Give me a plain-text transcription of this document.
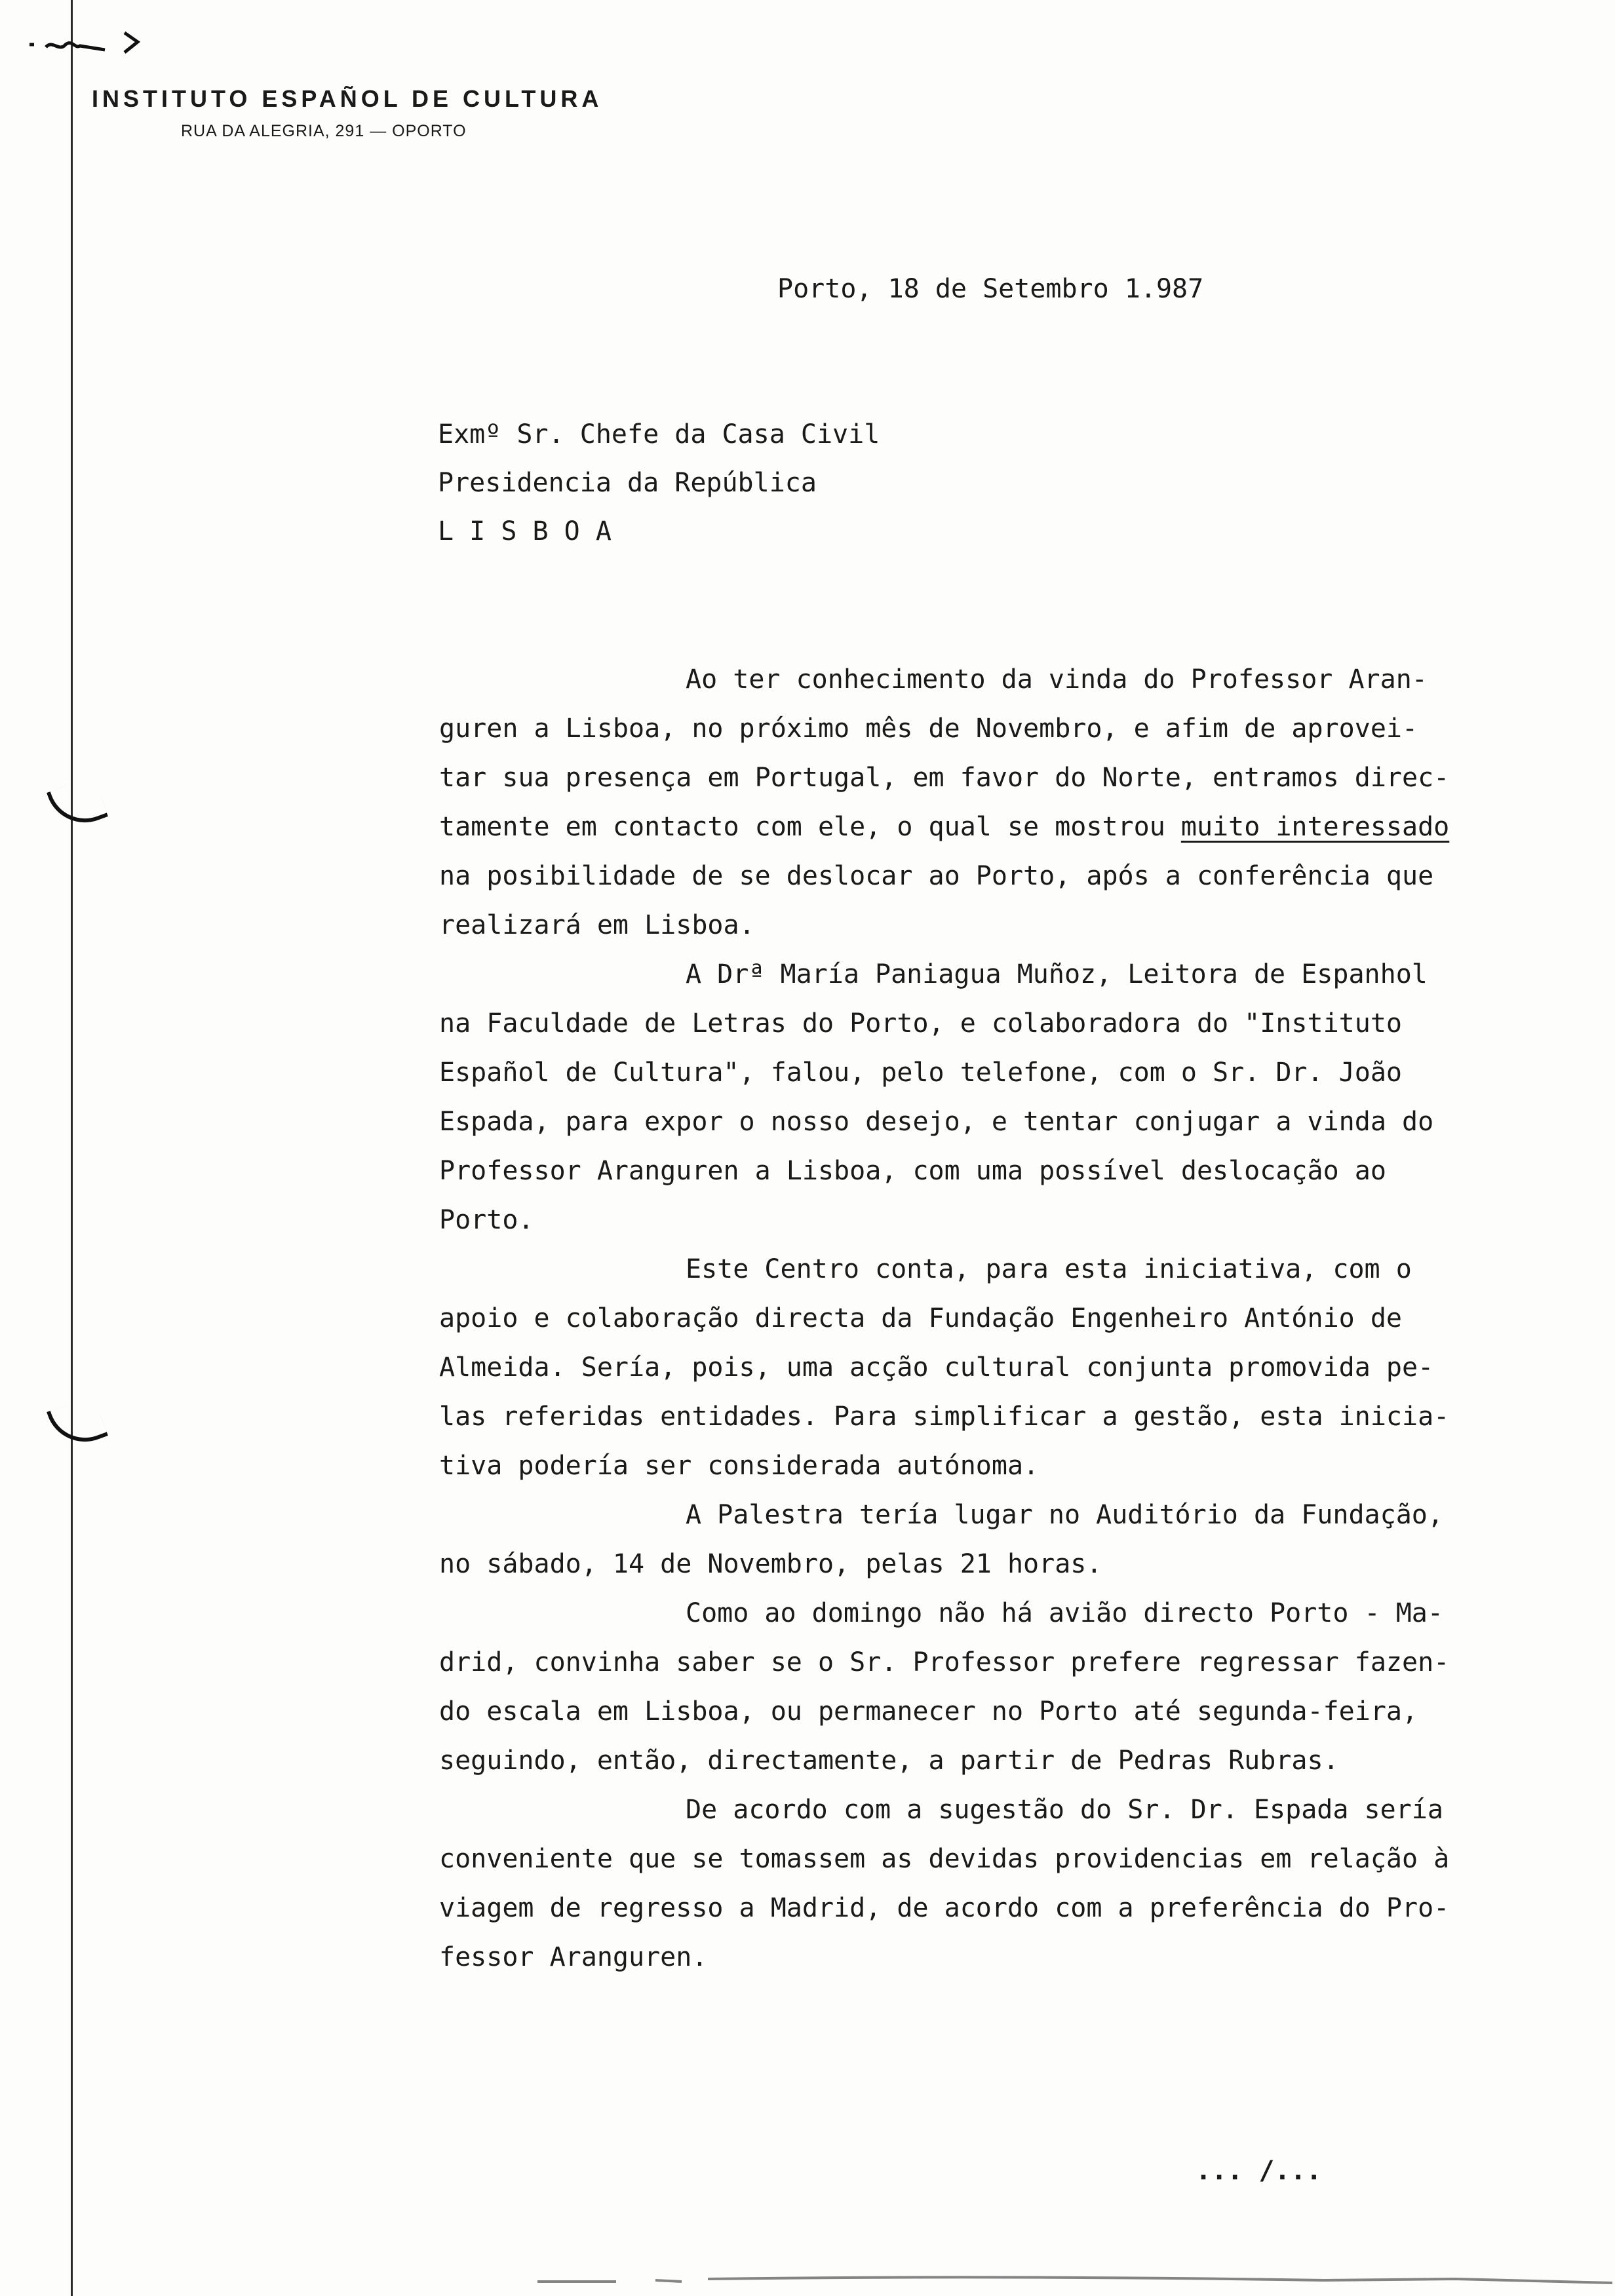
INSTITUTO ESPAÑOL DE CULTURA
RUA DA ALEGRIA, 291 — OPORTO
Porto, 18 de Setembro 1.987
Exmº Sr. Chefe da Casa Civil
Presidencia da República
L I S B O A
Ao ter conhecimento da vinda do Professor Aran-
guren a Lisboa, no próximo mês de Novembro, e afim de aprovei-
tar sua presença em Portugal, em favor do Norte, entramos direc-
tamente em contacto com ele, o qual se mostrou muito interessado
na posibilidade de se deslocar ao Porto, após a conferência que
realizará em Lisboa.
A Drª María Paniagua Muñoz, Leitora de Espanhol
na Faculdade de Letras do Porto, e colaboradora do "Instituto
Español de Cultura", falou, pelo telefone, com o Sr. Dr. João
Espada, para expor o nosso desejo, e tentar conjugar a vinda do
Professor Aranguren a Lisboa, com uma possível deslocação ao
Porto.
Este Centro conta, para esta iniciativa, com o
apoio e colaboração directa da Fundação Engenheiro António de
Almeida. Sería, pois, uma acção cultural conjunta promovida pe-
las referidas entidades. Para simplificar a gestão, esta inicia-
tiva podería ser considerada autónoma.
A Palestra tería lugar no Auditório da Fundação,
no sábado, 14 de Novembro, pelas 21 horas.
Como ao domingo não há avião directo Porto - Ma-
drid, convinha saber se o Sr. Professor prefere regressar fazen-
do escala em Lisboa, ou permanecer no Porto até segunda-feira,
seguindo, então, directamente, a partir de Pedras Rubras.
De acordo com a sugestão do Sr. Dr. Espada sería
conveniente que se tomassem as devidas providencias em relação à
viagem de regresso a Madrid, de acordo com a preferência do Pro-
fessor Aranguren.
... /...
